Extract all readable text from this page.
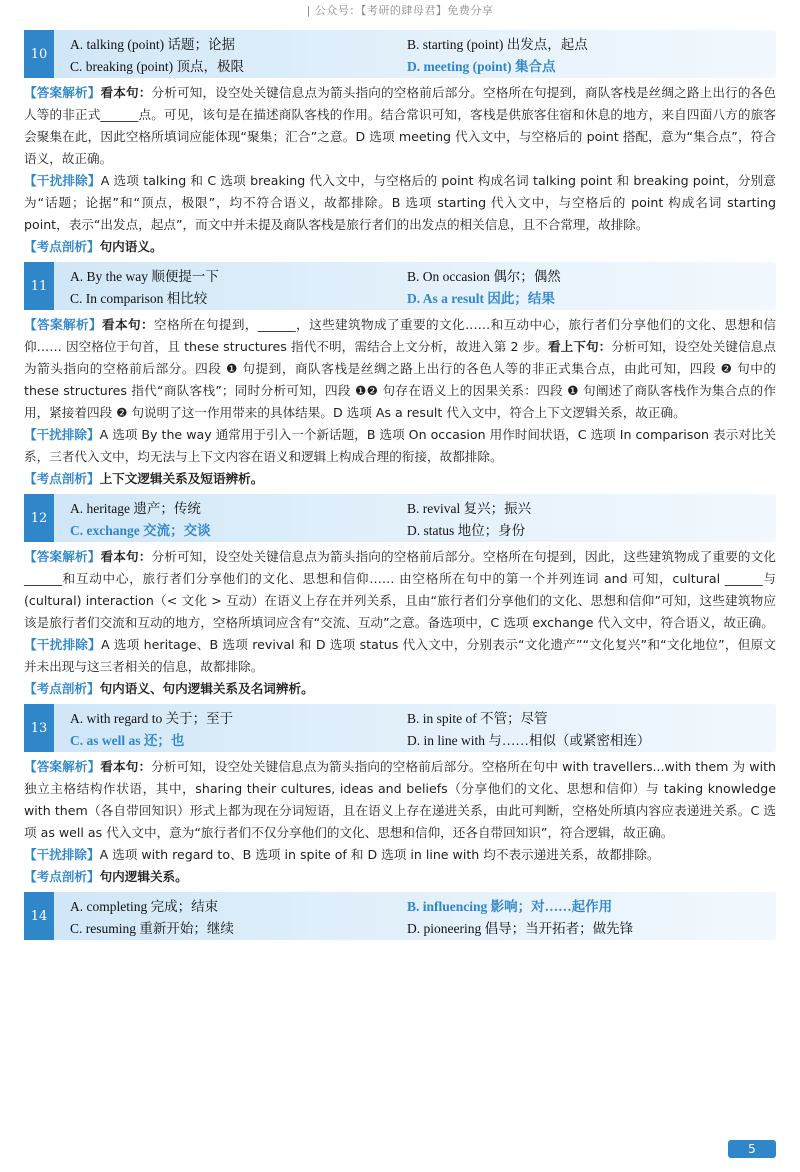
| 公众号：【考研的肆母君】免费分享
10
A. talking (point) 话题；论据	B. starting (point) 出发点，起点
C. breaking (point) 顶点，极限	D. meeting (point) 集合点

【答案解析】看本句：分析可知，设空处关键信息点为箭头指向的空格前后部分。空格所在句提到，商队客栈是丝绸之路上出行的各色人等的非正式______点。可见，该句是在描述商队客栈的作用。结合常识可知，客栈是供旅客住宿和休息的地方，来自四面八方的旅客会聚集在此，因此空格所填词应能体现“聚集；汇合”之意。D 选项 meeting 代入文中，与空格后的 point 搭配，意为“集合点”，符合语义，故正确。

【干扰排除】A 选项 talking 和 C 选项 breaking 代入文中，与空格后的 point 构成名词 talking point 和 breaking point，分别意为“话题；论据”和“顶点，极限”，均不符合语义，故都排除。B 选项 starting 代入文中，与空格后的 point 构成名词 starting point，表示“出发点，起点”，而文中并未提及商队客栈是旅行者们的出发点的相关信息，且不合常理，故排除。

【考点剖析】句内语义。

11
A. By the way 顺便提一下	B. On occasion 偶尔；偶然
C. In comparison 相比较	D. As a result 因此；结果

【答案解析】看本句：空格所在句提到，______，这些建筑物成了重要的文化……和互动中心，旅行者们分享他们的文化、思想和信仰…… 因空格位于句首，且 these structures 指代不明，需结合上文分析，故进入第 2 步。看上下句：分析可知，设空处关键信息点为箭头指向的空格前后部分。四段 ❶ 句提到，商队客栈是丝绸之路上出行的各色人等的非正式集合点，由此可知，四段 ❷ 句中的 these structures 指代“商队客栈”；同时分析可知，四段 ❶❷ 句存在语义上的因果关系：四段 ❶ 句阐述了商队客栈作为集合点的作用，紧接着四段 ❷ 句说明了这一作用带来的具体结果。D 选项 As a result 代入文中，符合上下文逻辑关系，故正确。

【干扰排除】A 选项 By the way 通常用于引入一个新话题，B 选项 On occasion 用作时间状语，C 选项 In comparison 表示对比关系，三者代入文中，均无法与上下文内容在语义和逻辑上构成合理的衔接，故都排除。

【考点剖析】上下文逻辑关系及短语辨析。

12
A. heritage 遗产；传统	B. revival 复兴；振兴
C. exchange 交流；交谈	D. status 地位；身份

【答案解析】看本句：分析可知，设空处关键信息点为箭头指向的空格前后部分。空格所在句提到，因此，这些建筑物成了重要的文化______和互动中心，旅行者们分享他们的文化、思想和信仰…… 由空格所在句中的第一个并列连词 and 可知，cultural ______与 (cultural) interaction（< 文化 > 互动）在语义上存在并列关系，且由“旅行者们分享他们的文化、思想和信仰”可知，这些建筑物应该是旅行者们交流和互动的地方，空格所填词应含有“交流、互动”之意。备选项中，C 选项 exchange 代入文中，符合语义，故正确。

【干扰排除】A 选项 heritage、B 选项 revival 和 D 选项 status 代入文中，分别表示“文化遗产”“文化复兴”和“文化地位”，但原文并未出现与这三者相关的信息，故都排除。

【考点剖析】句内语义、句内逻辑关系及名词辨析。

13
A. with regard to 关于；至于	B. in spite of 不管；尽管
C. as well as 还；也	D. in line with 与……相似（或紧密相连）

【答案解析】看本句：分析可知，设空处关键信息点为箭头指向的空格前后部分。空格所在句中 with travellers...with them 为 with 独立主格结构作状语，其中，sharing their cultures, ideas and beliefs（分享他们的文化、思想和信仰）与 taking knowledge with them（各自带回知识）形式上都为现在分词短语，且在语义上存在递进关系，由此可判断，空格处所填内容应表递进关系。C 选项 as well as 代入文中，意为“旅行者们不仅分享他们的文化、思想和信仰，还各自带回知识”，符合逻辑，故正确。

【干扰排除】A 选项 with regard to、B 选项 in spite of 和 D 选项 in line with 均不表示递进关系，故都排除。

【考点剖析】句内逻辑关系。

14
A. completing 完成；结束	B. influencing 影响；对……起作用
C. resuming 重新开始；继续	D. pioneering 倡导；当开拓者；做先锋
5
